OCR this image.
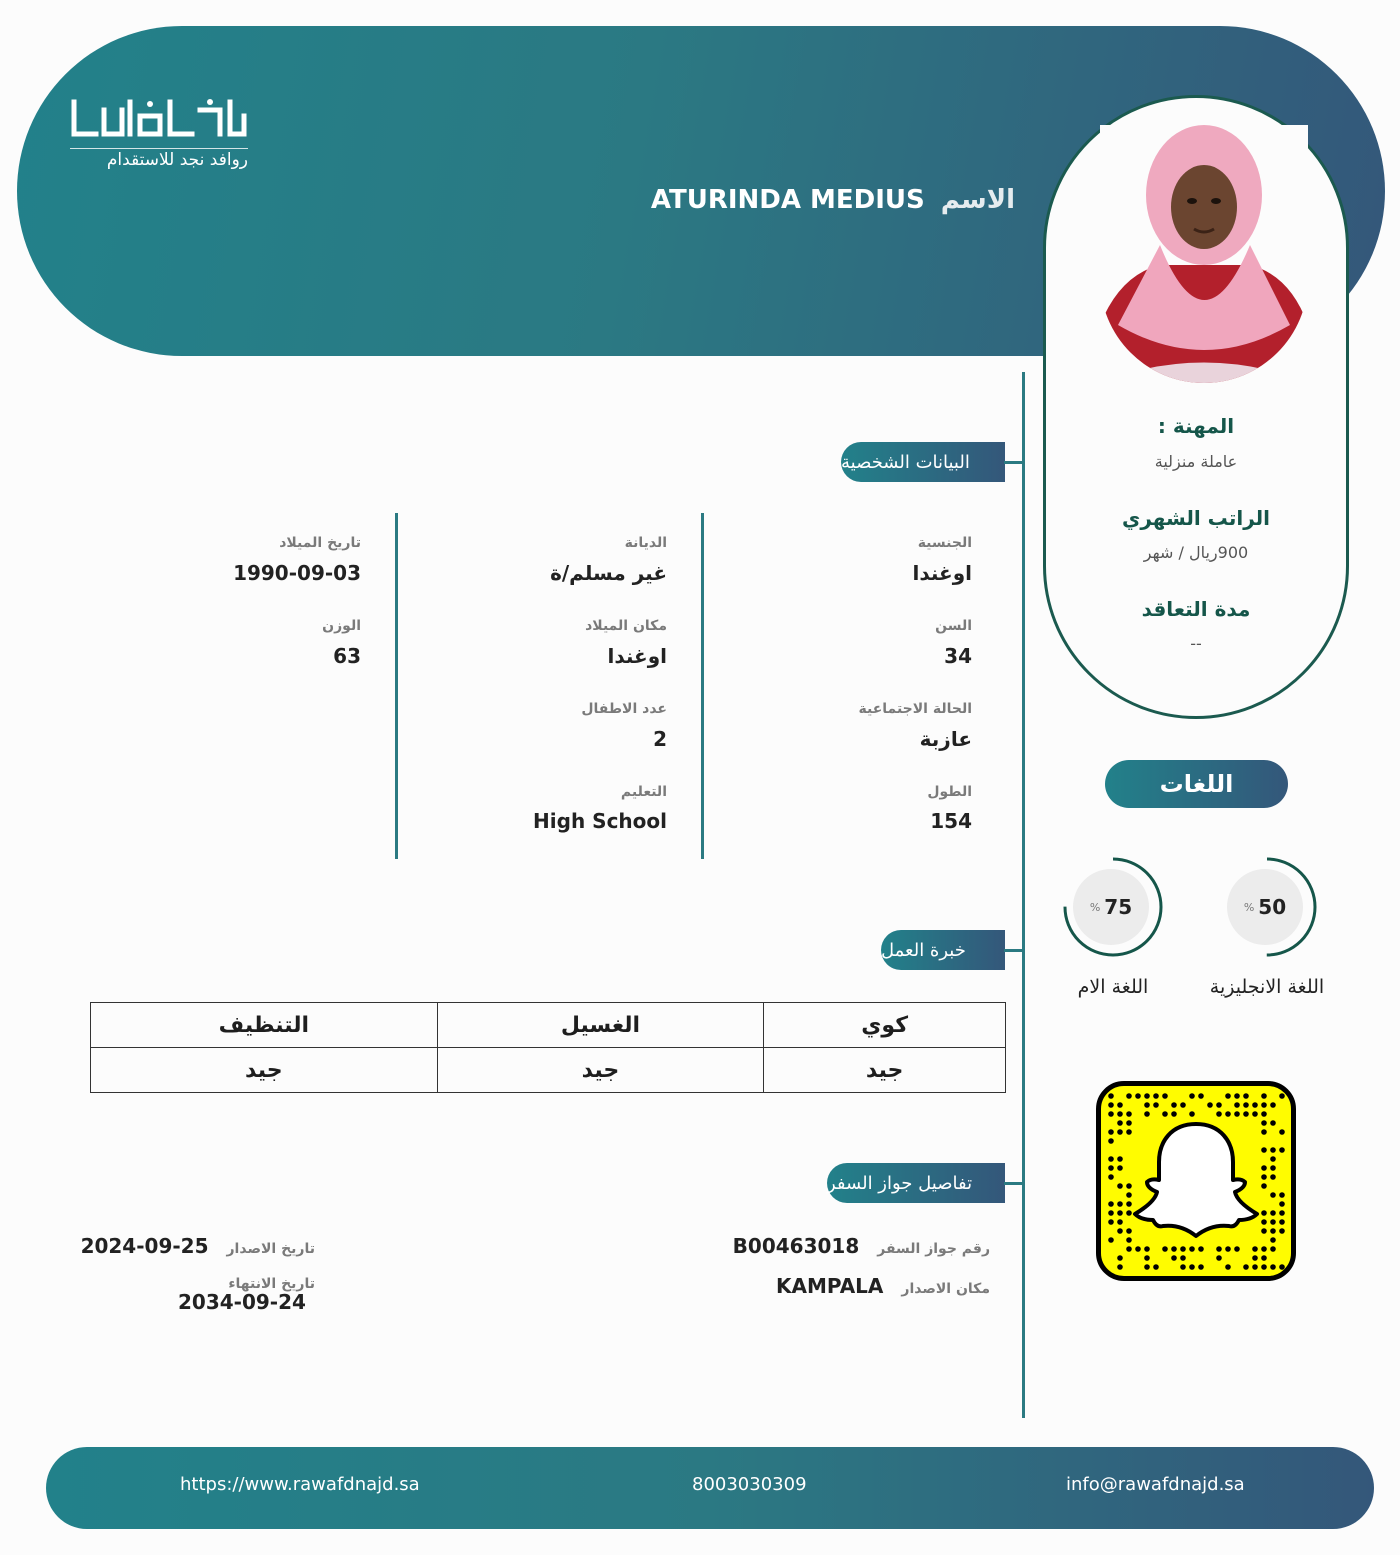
روافد نجد للاستقدام
الاسم
ATURINDA MEDIUS
المهنة :
عاملة منزلية
الراتب الشهري
900ريال / شهر
مدة التعاقد
--
البيانات الشخصية
الجنسية
اوغندا
السن
34
الحالة الاجتماعية
عازبة
الطول
154
الديانة
غير مسلم/ة
مكان الميلاد
اوغندا
عدد الاطفال
2
التعليم
High School
تاريخ الميلاد
1990-09-03
الوزن
63
خبرة العمل
التنظيف	الغسيل	كوي
جيد	جيد	جيد
تفاصيل جواز السفر
رقم جواز السفر
B00463018
مكان الاصدار
KAMPALA
تاريخ الاصدار
2024-09-25
تاريخ الانتهاء
2034-09-24
اللغات
% 50
اللغة الانجليزية
% 75
اللغة الام
https://www.rawafdnajd.sa	8003030309	info@rawafdnajd.sa
